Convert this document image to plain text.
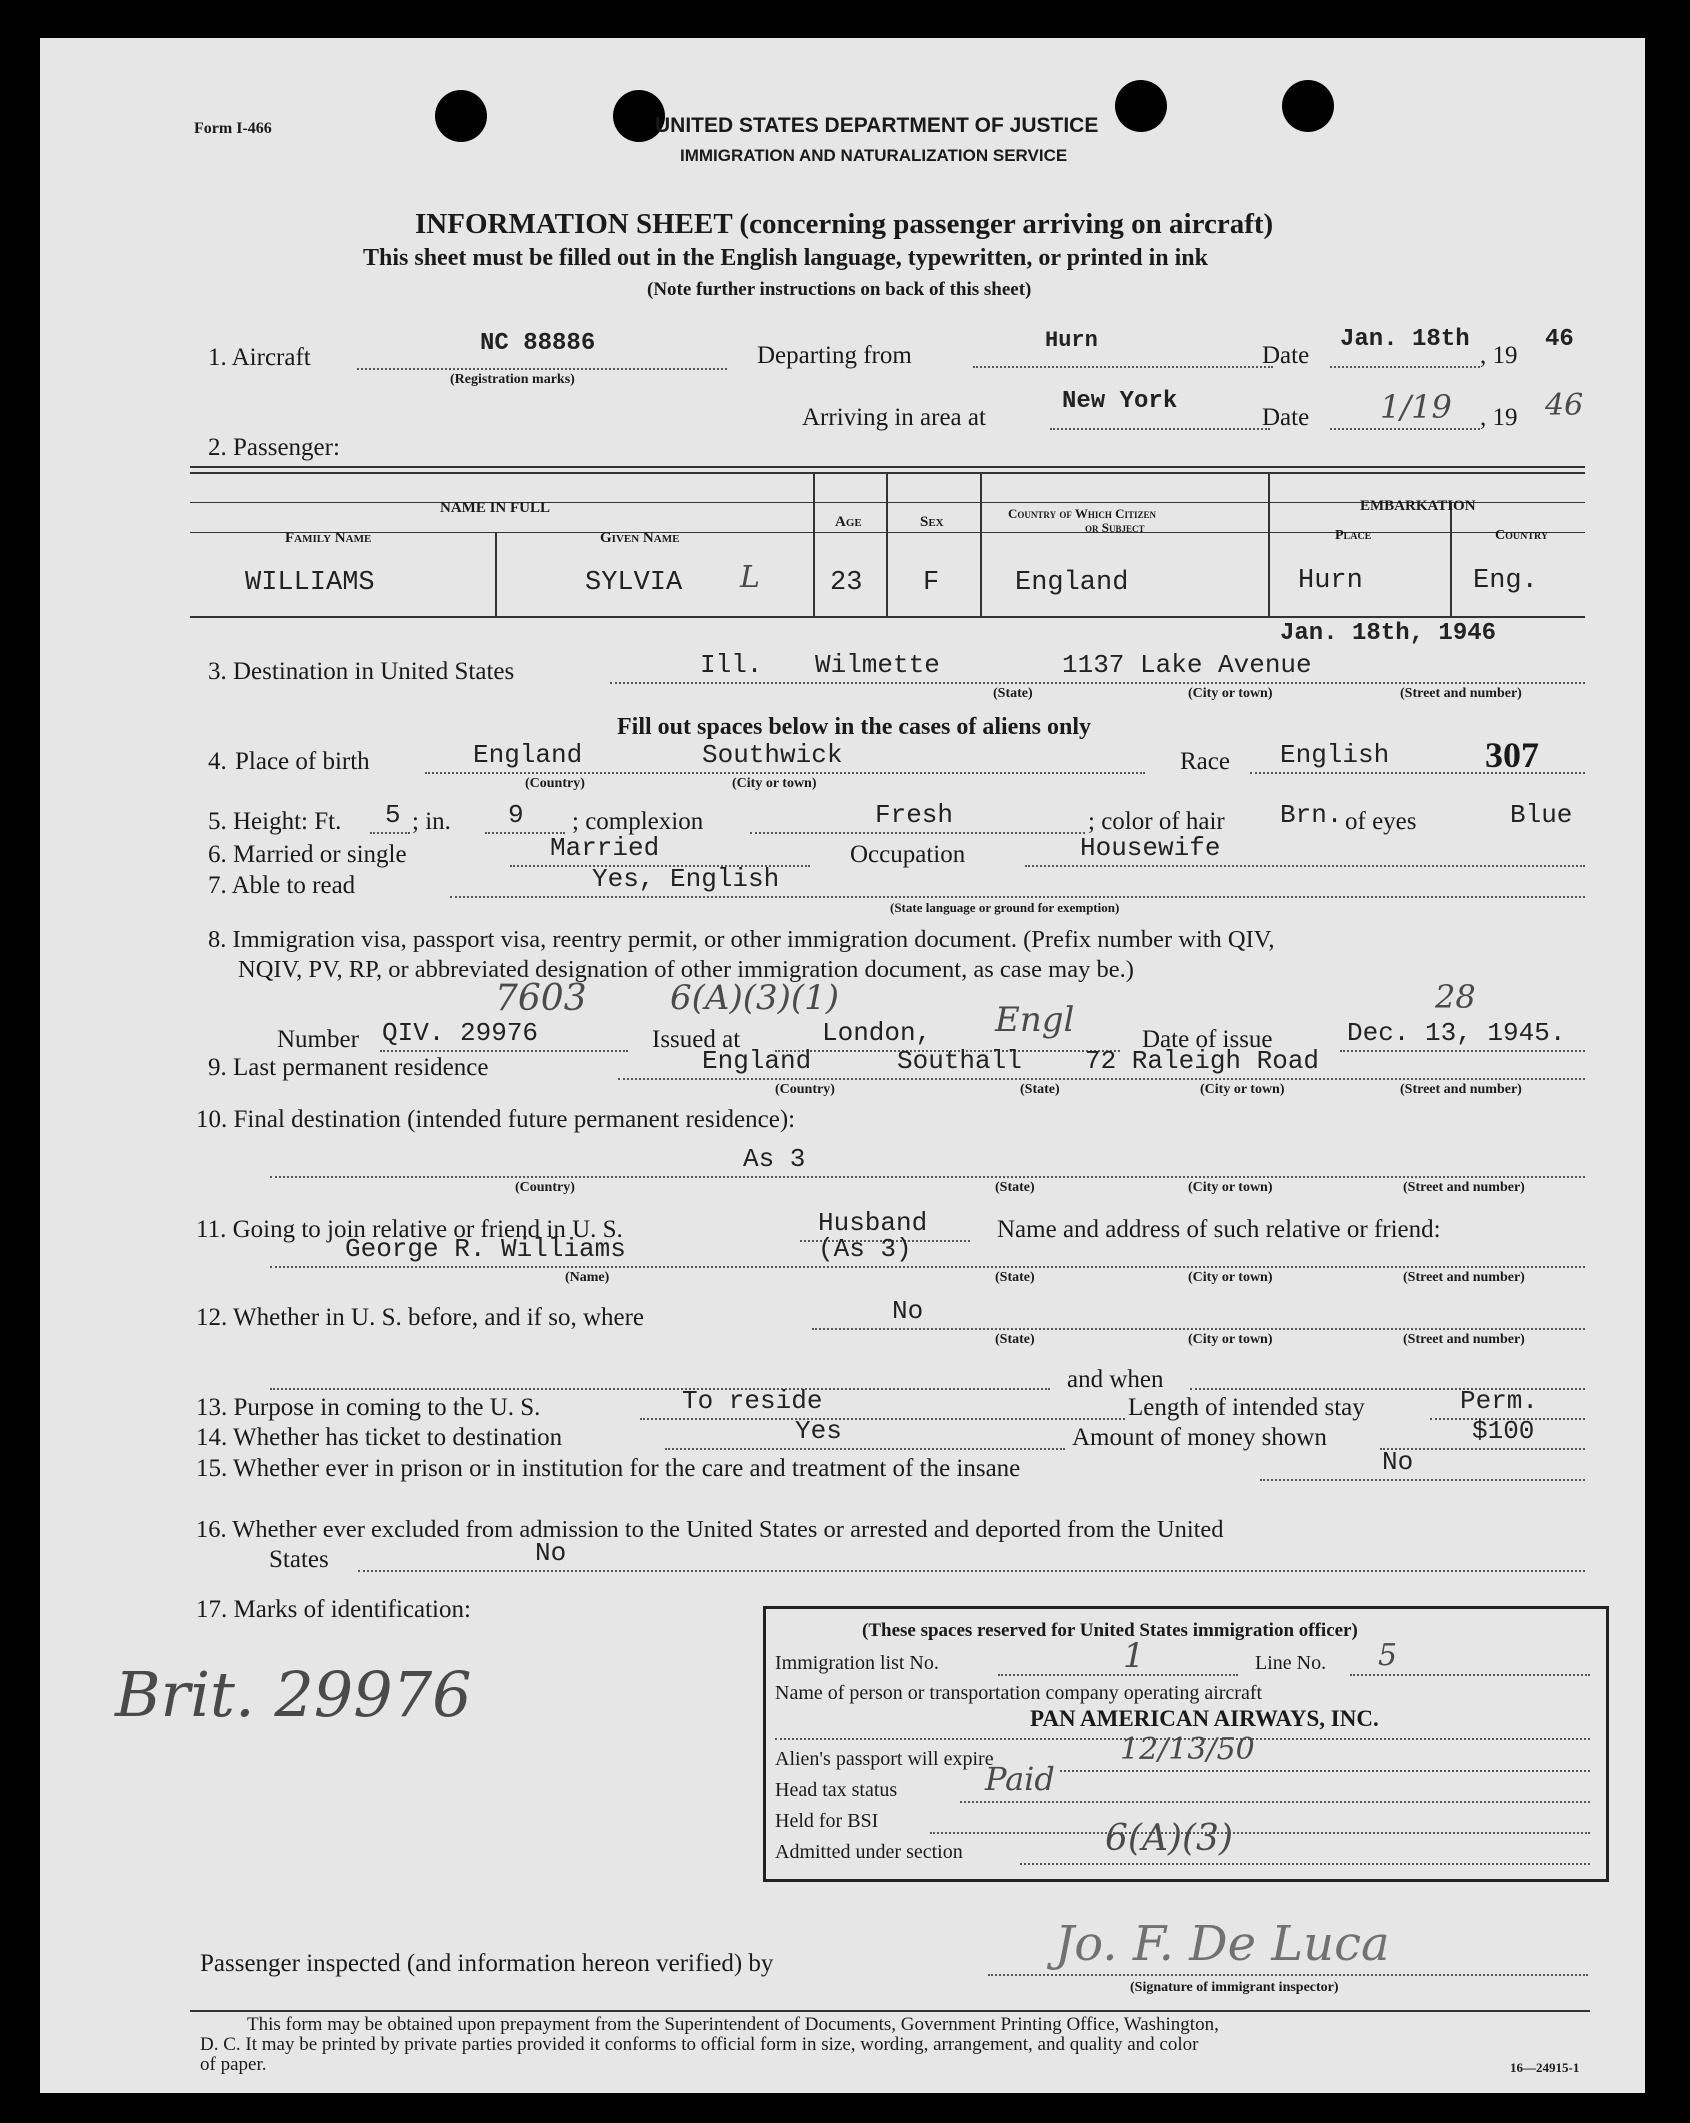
Form I-466	UNITED STATES DEPARTMENT OF JUSTICE
IMMIGRATION AND NATURALIZATION SERVICE
INFORMATION SHEET (concerning passenger arriving on aircraft)
This sheet must be filled out in the English language, typewritten, or printed in ink
(Note further instructions on back of this sheet)
1. Aircraft
NC 88886
(Registration marks)
Departing from
Hurn
Date
Jan. 18th
, 19
46
Arriving in area at
New York
Date 1/19 , 19 46
2. Passenger:
NAME IN FULL
Family Name	Given Name
Age	Sex
Country of Which Citizen
or Subject
EMBARKATION
Place	Country
WILLIAMS	SYLVIA L	23 F	England	Hurn	Eng.
Jan. 18th, 1946
3. Destination in United States	Ill. Wilmette	1137 Lake Avenue
(State)	(City or town)	(Street and number)
Fill out spaces below in the cases of aliens only
4. Place of birth	England	Southwick
(Country)	(City or town)
Race English	307
5. Height: Ft. 5 ; in. 9 ; complexion	Fresh	; color of hair Brn. of eyes	Blue
6. Married or single	Married	Occupation	Housewife
7. Able to read	Yes, English
(State language or ground for exemption)
8. Immigration visa, passport visa, reentry permit, or other immigration document. (Prefix number with QIV,
NQIV, PV, RP, or abbreviated designation of other immigration document, as case may be.)
7603 6(A)(3)(1)	28
Number QIV. 29976	Issued at	London, Engl	Date of issue	Dec. 13, 1945.
9. Last permanent residence	England	Southall 72 Raleigh Road
(Country)	(State)	(City or town)	(Street and number)
10. Final destination (intended future permanent residence):
As 3
(Country)	(State)	(City or town)	(Street and number)
11. Going to join relative or friend in U. S.	Husband	Name and address of such relative or friend:
George R. Williams	(As 3)
(Name)	(State)	(City or town)	(Street and number)
12. Whether in U. S. before, and if so, where	No
(State)	(City or town)	(Street and number)
and when
13. Purpose in coming to the U. S.	To reside	Length of intended stay	Perm.
14. Whether has ticket to destination	Yes	Amount of money shown	$100
15. Whether ever in prison or in institution for the care and treatment of the insane	No
16. Whether ever excluded from admission to the United States or arrested and deported from the United
States	No
17. Marks of identification:
Brit. 29976
(These spaces reserved for United States immigration officer)
Immigration list No.	1	Line No. 5
Name of person or transportation company operating aircraft
PAN AMERICAN AIRWAYS, INC.
Alien's passport will expire	12/13/50
Head tax status	Paid
Held for BSI
Admitted under section	6(A)(3)
Passenger inspected (and information hereon verified) by	Jo. F. De Luca
(Signature of immigrant inspector)
This form may be obtained upon prepayment from the Superintendent of Documents, Government Printing Office, Washington,
D. C. It may be printed by private parties provided it conforms to official form in size, wording, arrangement, and quality and color
of paper.	16—24915-1
